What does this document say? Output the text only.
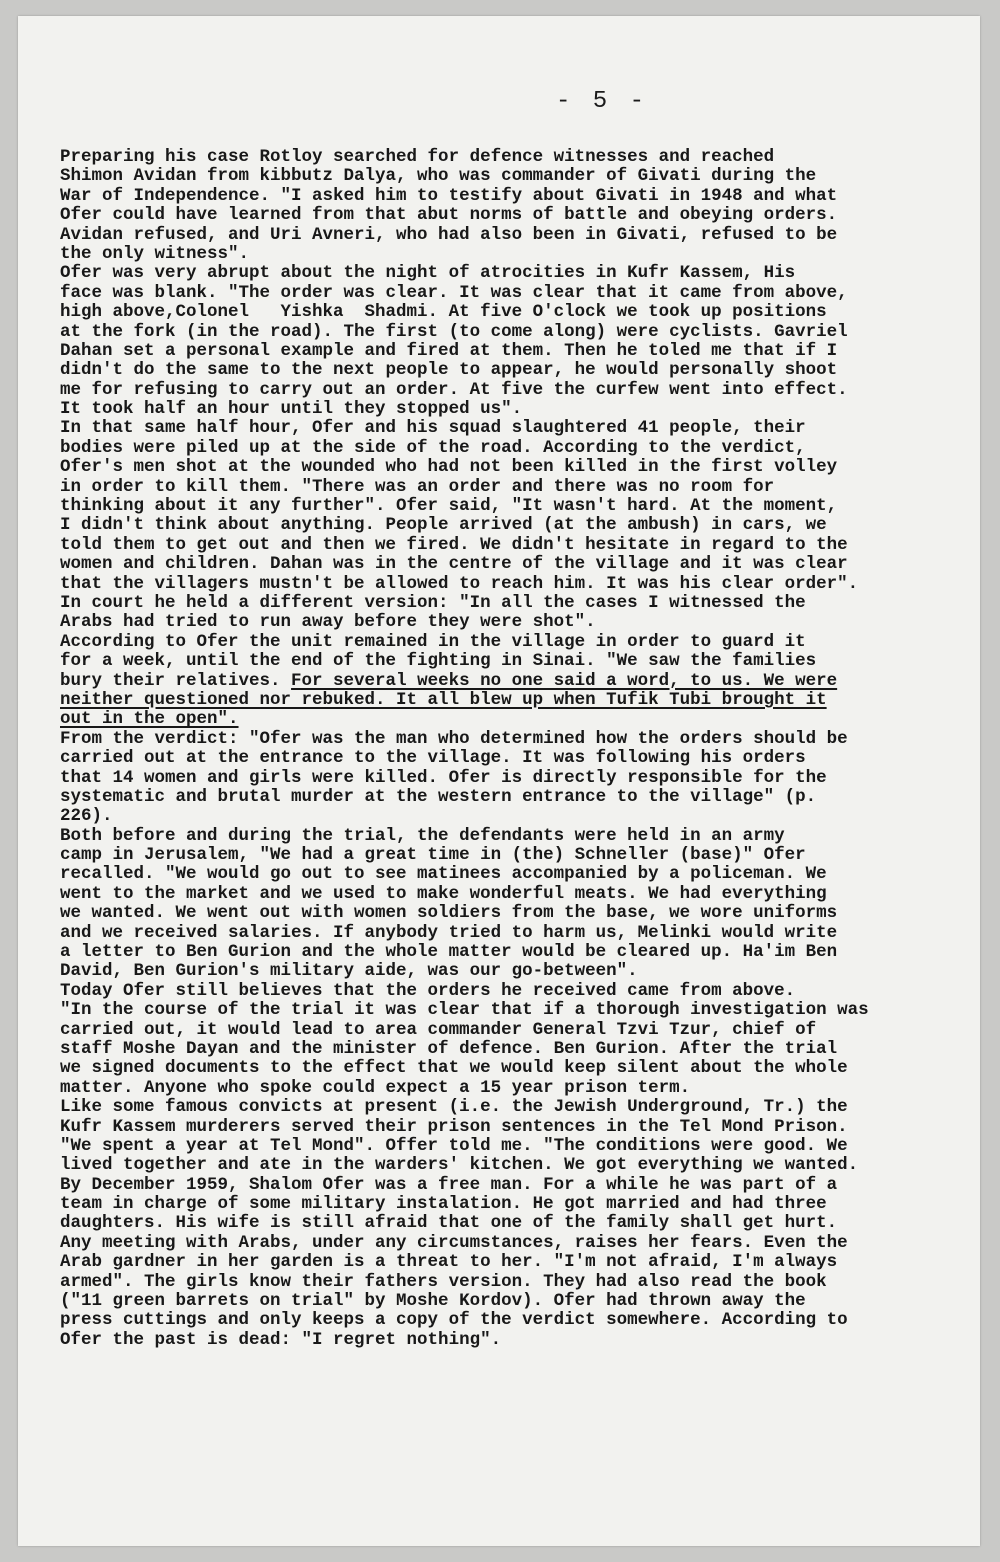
- 5 -
Preparing his case Rotloy searched for defence witnesses and reached
Shimon Avidan from kibbutz Dalya, who was commander of Givati during the
War of Independence. "I asked him to testify about Givati in 1948 and what
Ofer could have learned from that abut norms of battle and obeying orders.
Avidan refused, and Uri Avneri, who had also been in Givati, refused to be
the only witness".
Ofer was very abrupt about the night of atrocities in Kufr Kassem, His
face was blank. "The order was clear. It was clear that it came from above,
high above,Colonel   Yishka  Shadmi. At five O'clock we took up positions
at the fork (in the road). The first (to come along) were cyclists. Gavriel
Dahan set a personal example and fired at them. Then he toled me that if I
didn't do the same to the next people to appear, he would personally shoot
me for refusing to carry out an order. At five the curfew went into effect.
It took half an hour until they stopped us".
In that same half hour, Ofer and his squad slaughtered 41 people, their
bodies were piled up at the side of the road. According to the verdict,
Ofer's men shot at the wounded who had not been killed in the first volley
in order to kill them. "There was an order and there was no room for
thinking about it any further". Ofer said, "It wasn't hard. At the moment,
I didn't think about anything. People arrived (at the ambush) in cars, we
told them to get out and then we fired. We didn't hesitate in regard to the
women and children. Dahan was in the centre of the village and it was clear
that the villagers mustn't be allowed to reach him. It was his clear order".
In court he held a different version: "In all the cases I witnessed the
Arabs had tried to run away before they were shot".
According to Ofer the unit remained in the village in order to guard it
for a week, until the end of the fighting in Sinai. "We saw the families
bury their relatives. For several weeks no one said a word, to us. We were
neither questioned nor rebuked. It all blew up when Tufik Tubi brought it
out in the open".
From the verdict: "Ofer was the man who determined how the orders should be
carried out at the entrance to the village. It was following his orders
that 14 women and girls were killed. Ofer is directly responsible for the
systematic and brutal murder at the western entrance to the village" (p.
226).
Both before and during the trial, the defendants were held in an army
camp in Jerusalem, "We had a great time in (the) Schneller (base)" Ofer
recalled. "We would go out to see matinees accompanied by a policeman. We
went to the market and we used to make wonderful meats. We had everything
we wanted. We went out with women soldiers from the base, we wore uniforms
and we received salaries. If anybody tried to harm us, Melinki would write
a letter to Ben Gurion and the whole matter would be cleared up. Ha'im Ben
David, Ben Gurion's military aide, was our go-between".
Today Ofer still believes that the orders he received came from above.
"In the course of the trial it was clear that if a thorough investigation was
carried out, it would lead to area commander General Tzvi Tzur, chief of
staff Moshe Dayan and the minister of defence. Ben Gurion. After the trial
we signed documents to the effect that we would keep silent about the whole
matter. Anyone who spoke could expect a 15 year prison term.
Like some famous convicts at present (i.e. the Jewish Underground, Tr.) the
Kufr Kassem murderers served their prison sentences in the Tel Mond Prison.
"We spent a year at Tel Mond". Offer told me. "The conditions were good. We
lived together and ate in the warders' kitchen. We got everything we wanted.
By December 1959, Shalom Ofer was a free man. For a while he was part of a
team in charge of some military instalation. He got married and had three
daughters. His wife is still afraid that one of the family shall get hurt.
Any meeting with Arabs, under any circumstances, raises her fears. Even the
Arab gardner in her garden is a threat to her. "I'm not afraid, I'm always
armed". The girls know their fathers version. They had also read the book
("11 green barrets on trial" by Moshe Kordov). Ofer had thrown away the
press cuttings and only keeps a copy of the verdict somewhere. According to
Ofer the past is dead: "I regret nothing".
